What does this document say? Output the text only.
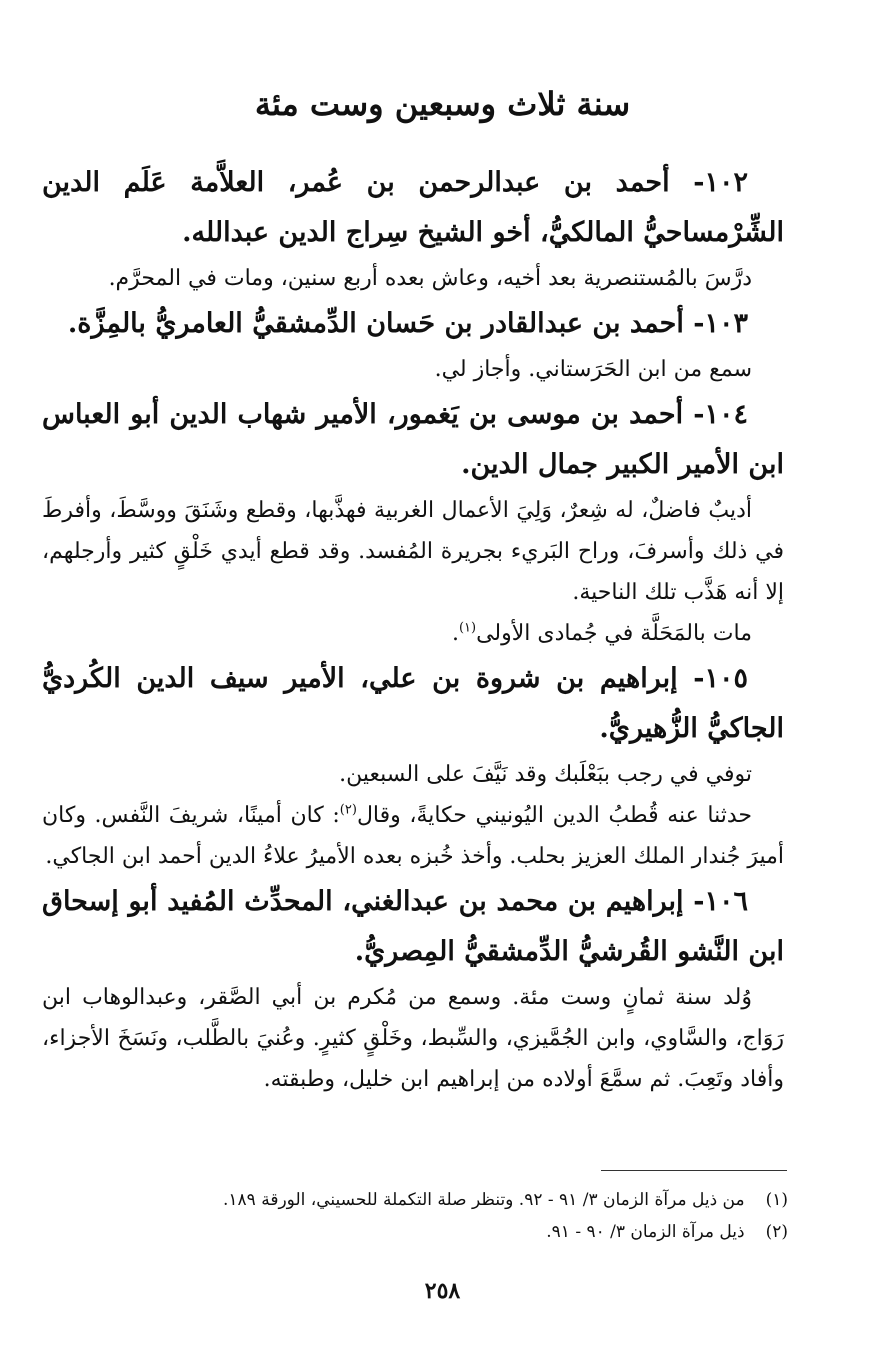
سنة ثلاث وسبعين وست مئة

١٠٢- أحمد بن عبدالرحمن بن عُمر، العلاَّمة عَلَم الدين الشِّرْمساحيُّ المالكيُّ، أخو الشيخ سِراج الدين عبدالله.

درَّسَ بالمُستنصرية بعد أخيه، وعاش بعده أربع سنين، ومات في المحرَّم.

١٠٣- أحمد بن عبدالقادر بن حَسان الدِّمشقيُّ العامريُّ بالمِزَّة.

سمع من ابن الحَرَستاني. وأجاز لي.

١٠٤- أحمد بن موسى بن يَغمور، الأمير شهاب الدين أبو العباس ابن الأمير الكبير جمال الدين.

أديبٌ فاضلٌ، له شِعرٌ، وَلِيَ الأعمال الغربية فهذَّبها، وقطع وشَنَقَ ووسَّطَ، وأفرطَ في ذلك وأسرفَ، وراح البَريء بجريرة المُفسد. وقد قطع أيدي خَلْقٍ كثير وأرجلهم، إلا أنه هَذَّب تلك الناحية.

مات بالمَحَلَّة في جُمادى الأولى$^{(١)}$.

١٠٥- إبراهيم بن شروة بن علي، الأمير سيف الدين الكُرديُّ الجاكيُّ الزُّهيريُّ.

توفي في رجب ببَعْلَبك وقد نَيَّفَ على السبعين.

حدثنا عنه قُطبُ الدين اليُونيني حكايةً، وقال$^{(٢)}$: كان أمينًا، شريفَ النَّفس. وكان أميرَ جُندار الملك العزيز بحلب. وأخذ خُبزه بعده الأميرُ علاءُ الدين أحمد ابن الجاكي.

١٠٦- إبراهيم بن محمد بن عبدالغني، المحدِّث المُفيد أبو إسحاق ابن النَّشو القُرشيُّ الدِّمشقيُّ المِصريُّ.

وُلد سنة ثمانٍ وست مئة. وسمع من مُكرم بن أبي الصَّقر، وعبدالوهاب ابن رَوَاج، والسَّاوي، وابن الجُمَّيزي، والسِّبط، وخَلْقٍ كثيرٍ. وعُنيَ بالطَّلب، ونَسَخَ الأجزاء، وأفاد وتَعِبَ. ثم سمَّعَ أولاده من إبراهيم ابن خليل، وطبقته.

(١) من ذيل مرآة الزمان ٣/ ٩١ - ٩٢. وتنظر صلة التكملة للحسيني، الورقة ١٨٩.

(٢) ذيل مرآة الزمان ٣/ ٩٠ - ٩١.

٢٥٨
